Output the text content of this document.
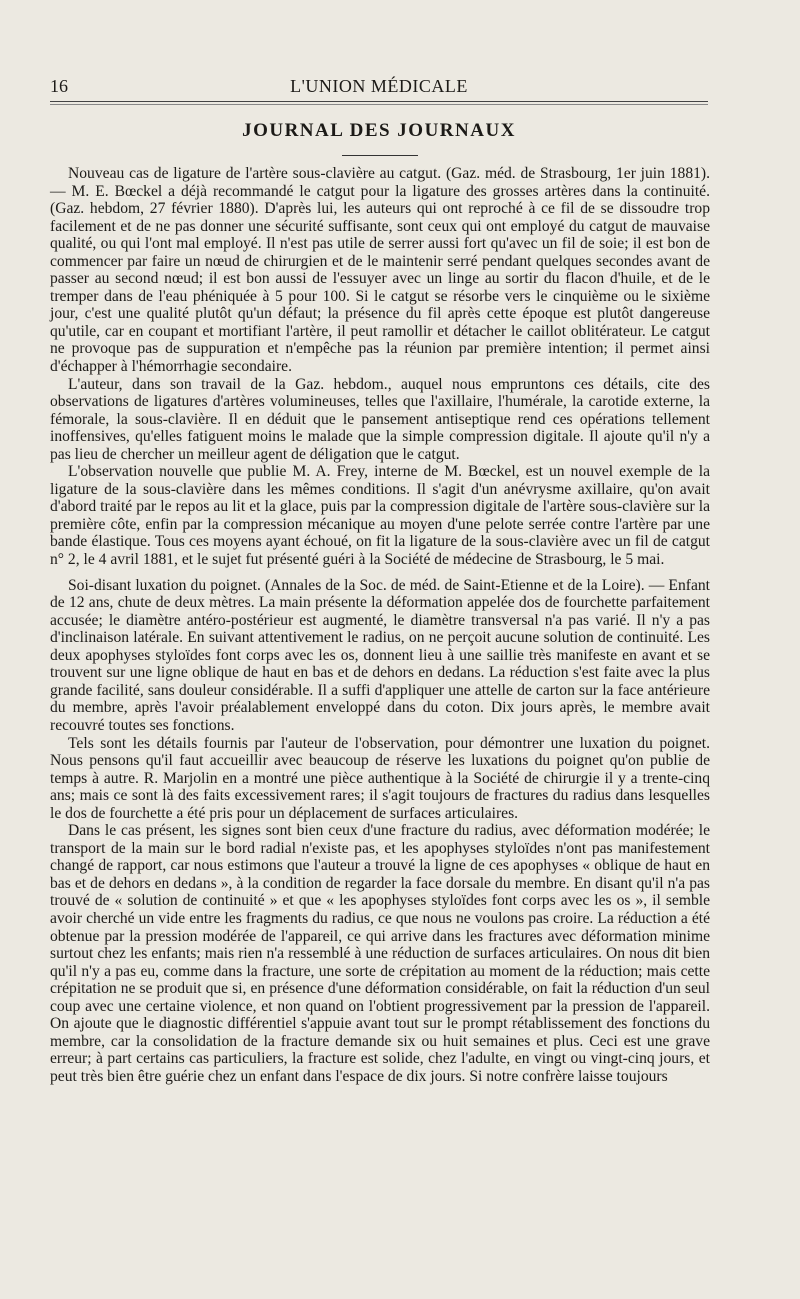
16	L'UNION MÉDICALE
JOURNAL DES JOURNAUX

Nouveau cas de ligature de l'artère sous-clavière au catgut. (Gaz. méd. de Strasbourg, 1er juin 1881). — M. E. Bœckel a déjà recommandé le catgut pour la ligature des grosses artères dans la continuité. (Gaz. hebdom, 27 février 1880). D'après lui, les auteurs qui ont reproché à ce fil de se dissoudre trop facilement et de ne pas donner une sécurité suffisante, sont ceux qui ont employé du catgut de mauvaise qualité, ou qui l'ont mal employé. Il n'est pas utile de serrer aussi fort qu'avec un fil de soie; il est bon de commencer par faire un nœud de chirurgien et de le maintenir serré pendant quelques secondes avant de passer au second nœud; il est bon aussi de l'essuyer avec un linge au sortir du flacon d'huile, et de le tremper dans de l'eau phéniquée à 5 pour 100. Si le catgut se résorbe vers le cinquième ou le sixième jour, c'est une qualité plutôt qu'un défaut; la présence du fil après cette époque est plutôt dangereuse qu'utile, car en coupant et mortifiant l'artère, il peut ramollir et détacher le caillot oblitérateur. Le catgut ne provoque pas de suppuration et n'empêche pas la réunion par première intention; il permet ainsi d'échapper à l'hémorrhagie secondaire.

L'auteur, dans son travail de la Gaz. hebdom., auquel nous empruntons ces détails, cite des observations de ligatures d'artères volumineuses, telles que l'axillaire, l'humérale, la carotide externe, la fémorale, la sous-clavière. Il en déduit que le pansement antiseptique rend ces opérations tellement inoffensives, qu'elles fatiguent moins le malade que la simple compression digitale. Il ajoute qu'il n'y a pas lieu de chercher un meilleur agent de déligation que le catgut.

L'observation nouvelle que publie M. A. Frey, interne de M. Bœckel, est un nouvel exemple de la ligature de la sous-clavière dans les mêmes conditions. Il s'agit d'un anévrysme axillaire, qu'on avait d'abord traité par le repos au lit et la glace, puis par la compression digitale de l'artère sous-clavière sur la première côte, enfin par la compression mécanique au moyen d'une pelote serrée contre l'artère par une bande élastique. Tous ces moyens ayant échoué, on fit la ligature de la sous-clavière avec un fil de catgut n° 2, le 4 avril 1881, et le sujet fut présenté guéri à la Société de médecine de Strasbourg, le 5 mai.

Soi-disant luxation du poignet. (Annales de la Soc. de méd. de Saint-Etienne et de la Loire). — Enfant de 12 ans, chute de deux mètres. La main présente la déformation appelée dos de fourchette parfaitement accusée; le diamètre antéro-postérieur est augmenté, le diamètre transversal n'a pas varié. Il n'y a pas d'inclinaison latérale. En suivant attentivement le radius, on ne perçoit aucune solution de continuité. Les deux apophyses styloïdes font corps avec les os, donnent lieu à une saillie très manifeste en avant et se trouvent sur une ligne oblique de haut en bas et de dehors en dedans. La réduction s'est faite avec la plus grande facilité, sans douleur considérable. Il a suffi d'appliquer une attelle de carton sur la face antérieure du membre, après l'avoir préalablement enveloppé dans du coton. Dix jours après, le membre avait recouvré toutes ses fonctions.

Tels sont les détails fournis par l'auteur de l'observation, pour démontrer une luxation du poignet. Nous pensons qu'il faut accueillir avec beaucoup de réserve les luxations du poignet qu'on publie de temps à autre. R. Marjolin en a montré une pièce authentique à la Société de chirurgie il y a trente-cinq ans; mais ce sont là des faits excessivement rares; il s'agit toujours de fractures du radius dans lesquelles le dos de fourchette a été pris pour un déplacement de surfaces articulaires.

Dans le cas présent, les signes sont bien ceux d'une fracture du radius, avec déformation modérée; le transport de la main sur le bord radial n'existe pas, et les apophyses styloïdes n'ont pas manifestement changé de rapport, car nous estimons que l'auteur a trouvé la ligne de ces apophyses « oblique de haut en bas et de dehors en dedans », à la condition de regarder la face dorsale du membre. En disant qu'il n'a pas trouvé de « solution de continuité » et que « les apophyses styloïdes font corps avec les os », il semble avoir cherché un vide entre les fragments du radius, ce que nous ne voulons pas croire. La réduction a été obtenue par la pression modérée de l'appareil, ce qui arrive dans les fractures avec déformation minime surtout chez les enfants; mais rien n'a ressemblé à une réduction de surfaces articulaires. On nous dit bien qu'il n'y a pas eu, comme dans la fracture, une sorte de crépitation au moment de la réduction; mais cette crépitation ne se produit que si, en présence d'une déformation considérable, on fait la réduction d'un seul coup avec une certaine violence, et non quand on l'obtient progressivement par la pression de l'appareil. On ajoute que le diagnostic différentiel s'appuie avant tout sur le prompt rétablissement des fonctions du membre, car la consolidation de la fracture demande six ou huit semaines et plus. Ceci est une grave erreur; à part certains cas particuliers, la fracture est solide, chez l'adulte, en vingt ou vingt-cinq jours, et peut très bien être guérie chez un enfant dans l'espace de dix jours. Si notre confrère laisse toujours
